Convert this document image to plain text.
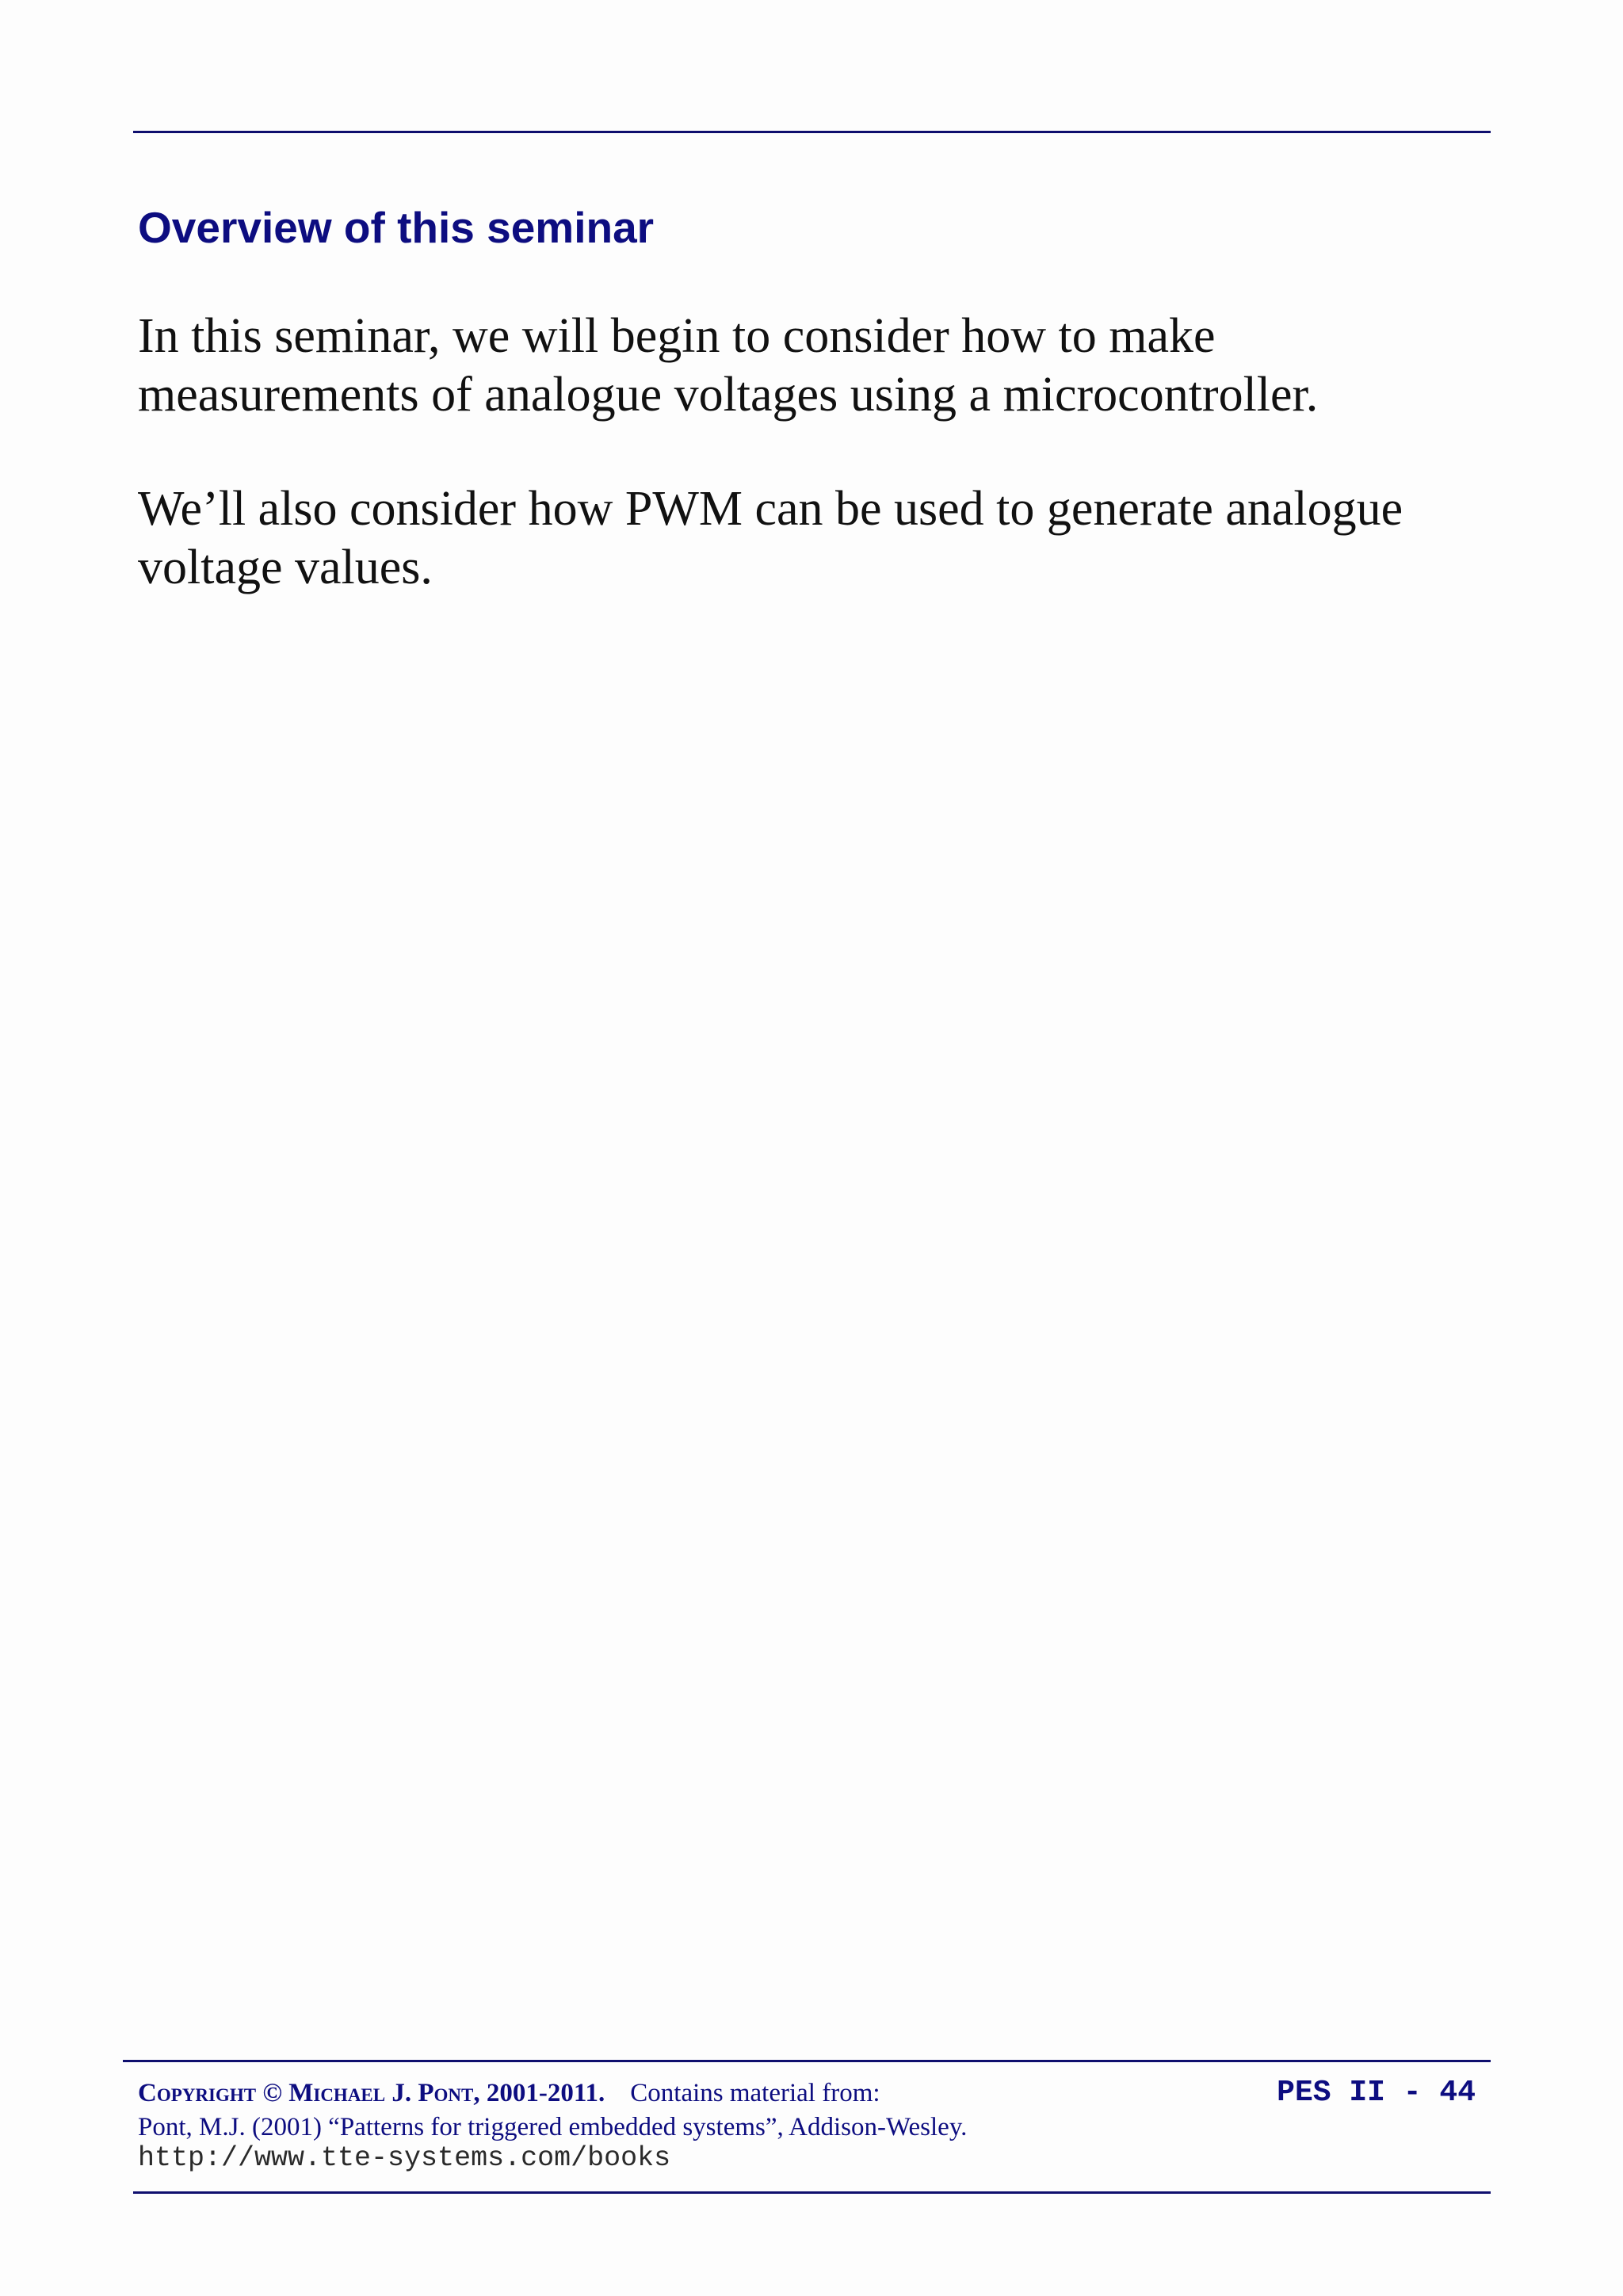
Overview of this seminar

In this seminar, we will begin to consider how to make measurements of analogue voltages using a microcontroller.

We’ll also consider how PWM can be used to generate analogue voltage values.

Copyright © Michael J. Pont, 2001-2011. Contains material from:

Pont, M.J. (2001) “Patterns for triggered embedded systems”, Addison-Wesley.

http://www.tte-systems.com/books

PES II - 44
